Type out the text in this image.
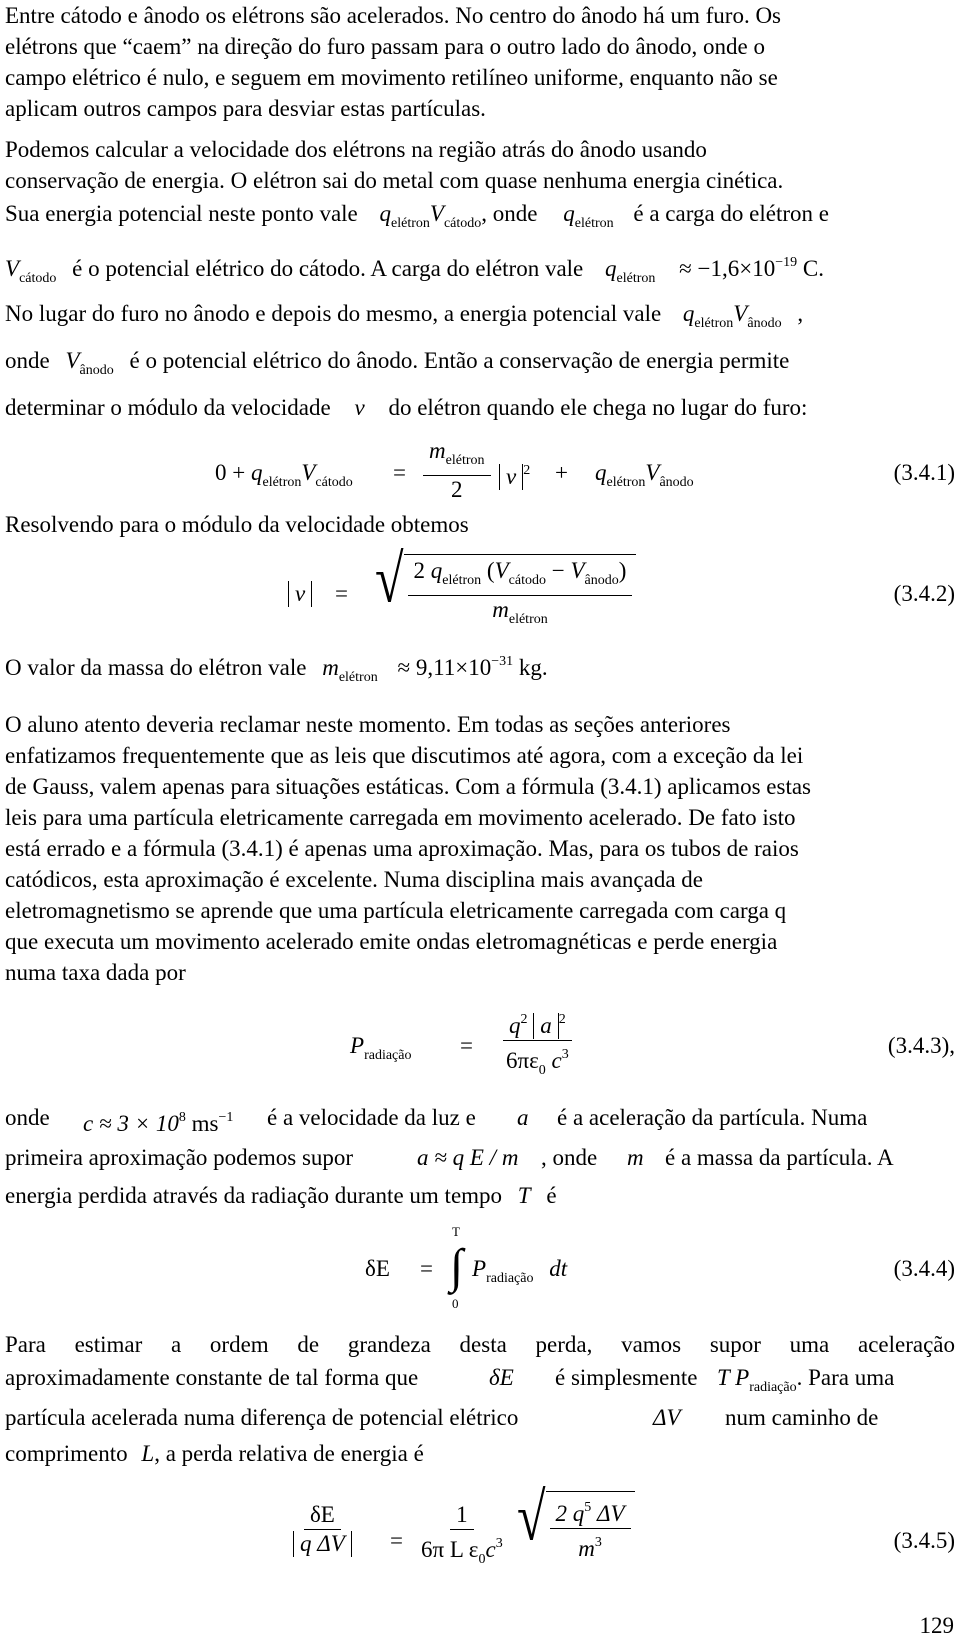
Entre cátodo e ânodo os elétrons são acelerados. No centro do ânodo há um furo. Os
elétrons que “caem” na direção do furo passam para o outro lado do ânodo, onde o
campo elétrico é nulo, e seguem em movimento retilíneo uniforme, enquanto não se
aplicam outros campos para desviar estas partículas.

Podemos calcular a velocidade dos elétrons na região atrás do ânodo usando
conservação de energia. O elétron sai do metal com quase nenhuma energia cinética.
Sua energia potencial neste ponto vale $q_{elétron}V_{cátodo}$, onde $q_{elétron}$ é a carga do elétron e
$V_{cátodo}$ é o potencial elétrico do cátodo. A carga do elétron vale $q_{elétron} \approx -1,6\times 10^{-19}$ C.
No lugar do furo no ânodo e depois do mesmo, a energia potencial vale $q_{elétron}V_{ânodo}$ ,
onde $V_{ânodo}$ é o potencial elétrico do ânodo. Então a conservação de energia permite
determinar o módulo da velocidade v do elétron quando ele chega no lugar do furo:
$0 + q_{elétron}V_{cátodo}$ =
$m_{elétron}$
2
v $^2 + q_{elétron}V_{ânodo}$	(3.4.1)

Resolvendo para o módulo da velocidade obtemos

v	= √ 2 $q_{elétron}$ $(V_{cátodo} - V_{ânodo})$
$m_{elétron}$
(3.4.2)
O valor da massa do elétron vale $m_{elétron} \approx 9,11\times 10^{-31}$ kg.

O aluno atento deveria reclamar neste momento. Em todas as seções anteriores
enfatizamos frequentemente que as leis que discutimos até agora, com a exceção da lei
de Gauss, valem apenas para situações estáticas. Com a fórmula (3.4.1) aplicamos estas
leis para uma partícula eletricamente carregada em movimento acelerado. De fato isto
está errado e a fórmula (3.4.1) é apenas uma aproximação. Mas, para os tubos de raios
catódicos, esta aproximação é excelente. Numa disciplina mais avançada de
eletromagnetismo se aprende que uma partícula eletricamente carregada com carga q
que executa um movimento acelerado emite ondas eletromagnéticas e perde energia
numa taxa dada por

$P_{radiação} = \frac{q^2 a ^2}{6\pi\varepsilon_0 c^3}$	(3.4.3),
onde $c \approx 3 \times 10^8$ $ms^{-1}$ é a velocidade da luz e a é a aceleração da partícula. Numa
primeira aproximação podemos supor	a ≈ q E / m , onde m é a massa da partícula. A
energia perdida através da radiação durante um tempo T é
δE =
T
∫
0
$P_{radiação}$ dt	(3.4.4)
Para estimar a ordem de grandeza desta perda, vamos supor uma aceleração
aproximadamente constante de tal forma que	δE é simplesmente T $P_{radiação}$. Para uma
partícula acelerada numa diferença de potencial elétrico	ΔV num caminho de
comprimento L, a perda relativa de energia é
$\frac{\delta E}{\text{q ΔV}} = \frac{1}{6\pi L \varepsilon_0c^3}$ √ $\frac{2 q^5 \Delta V}{m^3}$	(3.4.5)
129
